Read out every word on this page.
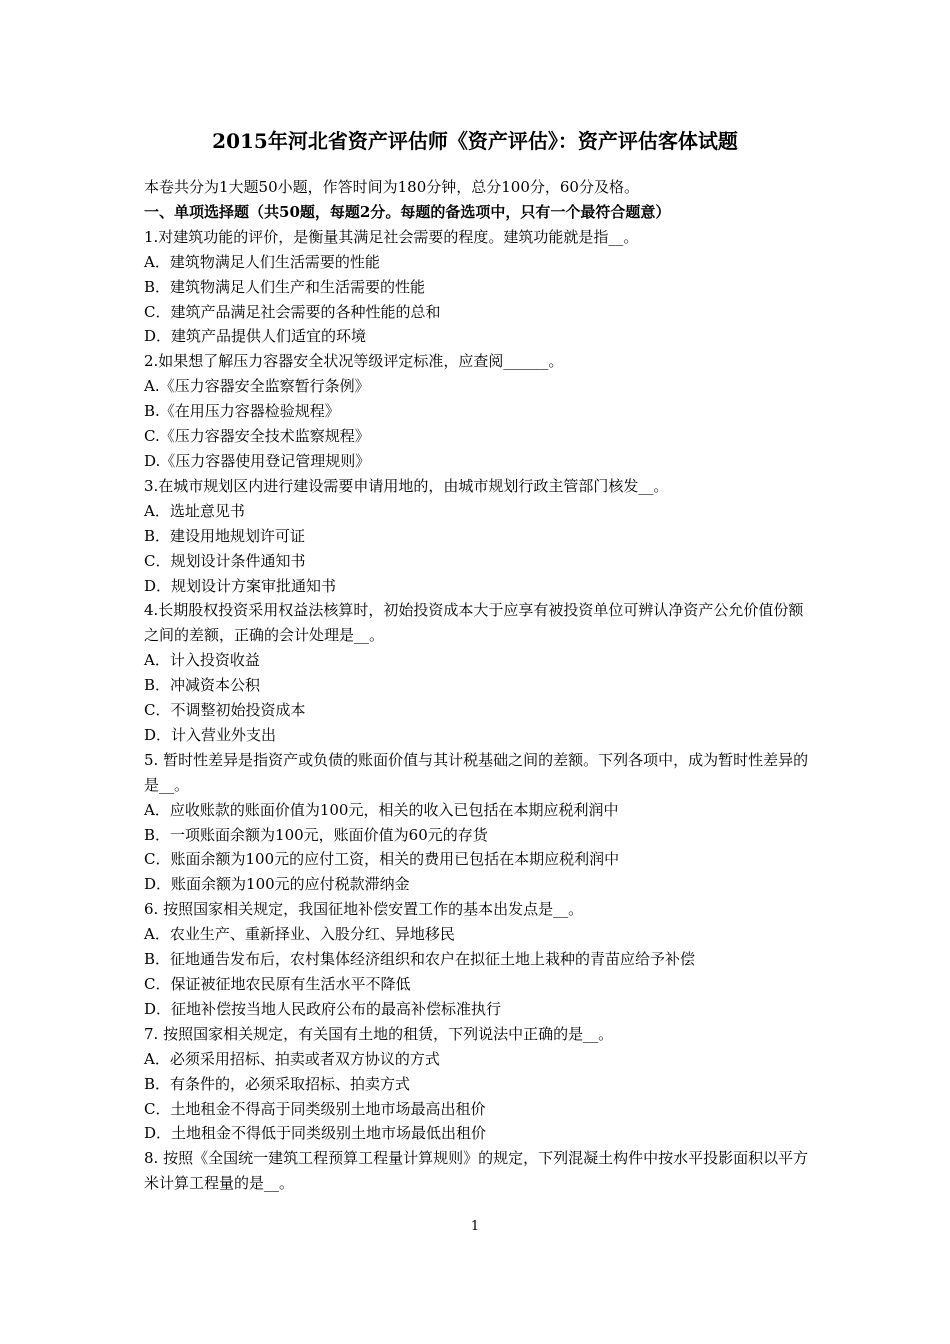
2015年河北省资产评估师《资产评估》：资产评估客体试题
本卷共分为1大题50小题，作答时间为180分钟，总分100分，60分及格。
一、单项选择题（共50题，每题2分。每题的备选项中，只有一个最符合题意）
1.对建筑功能的评价，是衡量其满足社会需要的程度。建筑功能就是指__。
A．建筑物满足人们生活需要的性能
B．建筑物满足人们生产和生活需要的性能
C．建筑产品满足社会需要的各种性能的总和
D．建筑产品提供人们适宜的环境
2.如果想了解压力容器安全状况等级评定标准，应查阅______。
A.《压力容器安全监察暂行条例》
B.《在用压力容器检验规程》
C.《压力容器安全技术监察规程》
D.《压力容器使用登记管理规则》
3.在城市规划区内进行建设需要申请用地的，由城市规划行政主管部门核发__。
A．选址意见书
B．建设用地规划许可证
C．规划设计条件通知书
D．规划设计方案审批通知书
4.长期股权投资采用权益法核算时，初始投资成本大于应享有被投资单位可辨认净资产公允价值份额之间的差额，正确的会计处理是__。
A．计入投资收益
B．冲减资本公积
C．不调整初始投资成本
D．计入营业外支出
5. 暂时性差异是指资产或负债的账面价值与其计税基础之间的差额。下列各项中，成为暂时性差异的是__。
A．应收账款的账面价值为100元，相关的收入已包括在本期应税利润中
B．一项账面余额为100元，账面价值为60元的存货
C．账面余额为100元的应付工资，相关的费用已包括在本期应税利润中
D．账面余额为100元的应付税款滞纳金
6. 按照国家相关规定，我国征地补偿安置工作的基本出发点是__。
A．农业生产、重新择业、入股分红、异地移民
B．征地通告发布后，农村集体经济组织和农户在拟征土地上栽种的青苗应给予补偿
C．保证被征地农民原有生活水平不降低
D．征地补偿按当地人民政府公布的最高补偿标准执行
7. 按照国家相关规定，有关国有土地的租赁，下列说法中正确的是__。
A．必须采用招标、拍卖或者双方协议的方式
B．有条件的，必须采取招标、拍卖方式
C．土地租金不得高于同类级别土地市场最高出租价
D．土地租金不得低于同类级别土地市场最低出租价
8. 按照《全国统一建筑工程预算工程量计算规则》的规定，下列混凝土构件中按水平投影面积以平方米计算工程量的是__。
1
